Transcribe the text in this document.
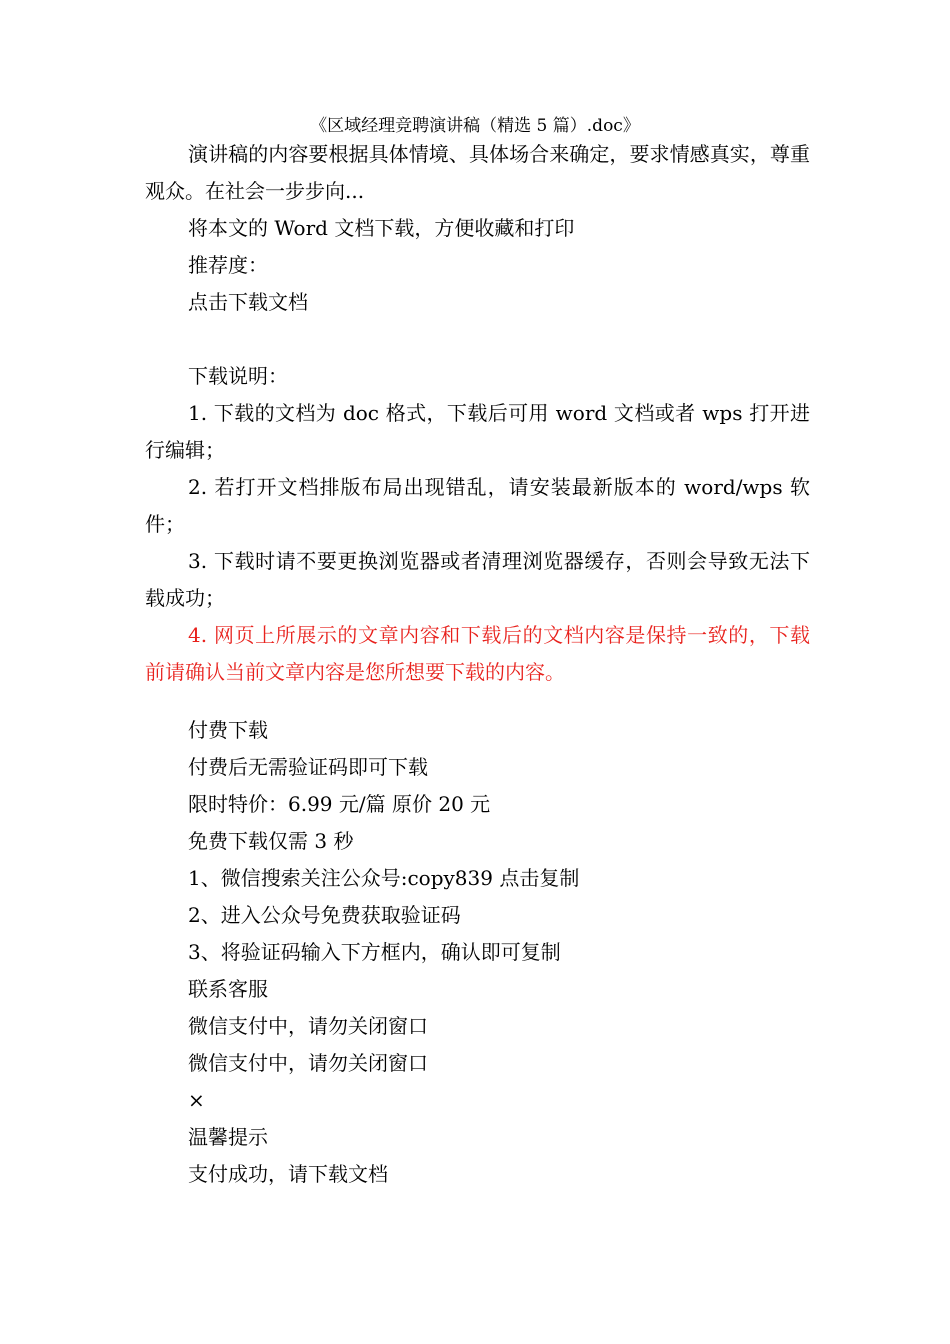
《区域经理竞聘演讲稿（精选 5 篇）.doc》

演讲稿的内容要根据具体情境、具体场合来确定，要求情感真实，尊重观众。在社会一步步向...

将本文的 Word 文档下载，方便收藏和打印

推荐度：

点击下载文档

下载说明：

1. 下载的文档为 doc 格式，下载后可用 word 文档或者 wps 打开进行编辑；

2. 若打开文档排版布局出现错乱，请安装最新版本的 word/wps 软件；

3. 下载时请不要更换浏览器或者清理浏览器缓存，否则会导致无法下载成功；

4. 网页上所展示的文章内容和下载后的文档内容是保持一致的，下载前请确认当前文章内容是您所想要下载的内容。

付费下载

付费后无需验证码即可下载

限时特价：6.99 元/篇 原价 20 元

免费下载仅需 3 秒

1、微信搜索关注公众号:copy839 点击复制

2、进入公众号免费获取验证码

3、将验证码输入下方框内，确认即可复制

联系客服

微信支付中，请勿关闭窗口

微信支付中，请勿关闭窗口

×

温馨提示

支付成功，请下载文档
